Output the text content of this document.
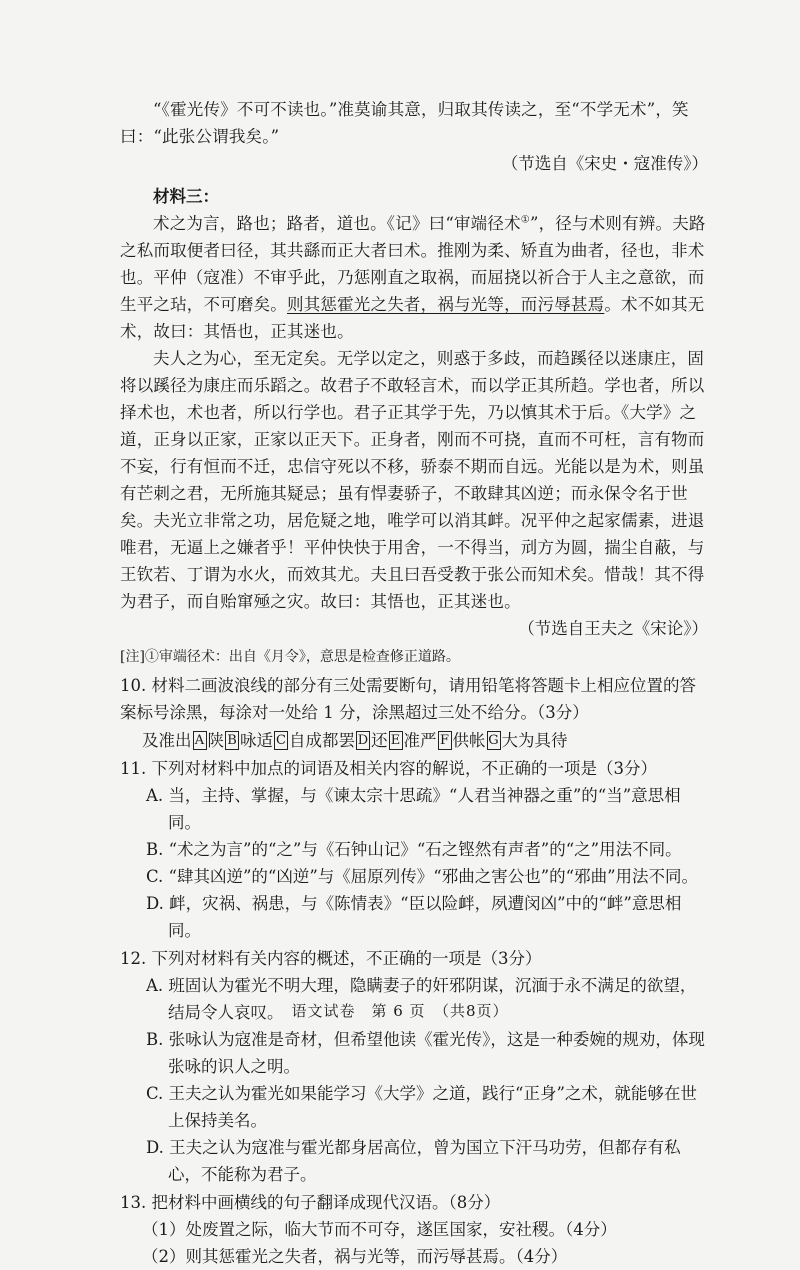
“《霍光传》不可不读也。”准莫谕其意，归取其传读之，至“不学无术”，笑曰：“此张公谓我矣。”

（节选自《宋史・寇准传》）

材料三：

术之为言，路也；路者，道也。《记》曰“审端径术①”，径与术则有辨。夫路之私而取便者曰径，其共繇而正大者曰术。推刚为柔、矫直为曲者，径也，非术也。平仲（寇准）不审乎此，乃惩刚直之取祸，而屈挠以祈合于人主之意欲，而生平之玷，不可磨矣。则其惩霍光之失者，祸与光等，而污辱甚焉。术不如其无术，故曰：其悟也，正其迷也。

夫人之为心，至无定矣。无学以定之，则惑于多歧，而趋蹊径以迷康庄，固将以蹊径为康庄而乐蹈之。故君子不敢轻言术，而以学正其所趋。学也者，所以择术也，术也者，所以行学也。君子正其学于先，乃以慎其术于后。《大学》之道，正身以正家，正家以正天下。正身者，刚而不可挠，直而不可枉，言有物而不妄，行有恒而不迁，忠信守死以不移，骄泰不期而自远。光能以是为术，则虽有芒刺之君，无所施其疑忌；虽有悍妻骄子，不敢肆其凶逆；而永保令名于世矣。夫光立非常之功，居危疑之地，唯学可以消其衅。况平仲之起家儒素，进退唯君，无逼上之嫌者乎！平仲快快于用舍，一不得当，刓方为圆，揣尘自蔽，与王钦若、丁谓为水火，而效其尤。夫且曰吾受教于张公而知术矣。惜哉！其不得为君子，而自贻窜殛之灾。故曰：其悟也，正其迷也。

（节选自王夫之《宋论》）

[注]①审端径术：出自《月令》，意思是检查修正道路。

10. 材料二画波浪线的部分有三处需要断句，请用铅笔将答题卡上相应位置的答案标号涂黑，每涂对一处给 1 分，涂黑超过三处不给分。（3分）

及准出 A 陕 B 咏适 C 自成都罢 D 还 E 准严 F 供帐 G 大为具待

11. 下列对材料中加点的词语及相关内容的解说，不正确的一项是（3分）

A. 当，主持、掌握，与《谏太宗十思疏》“人君当神器之重”的“当”意思相同。

B. “术之为言”的“之”与《石钟山记》“石之铿然有声者”的“之”用法不同。

C. “肆其凶逆”的“凶逆”与《屈原列传》“邪曲之害公也”的“邪曲”用法不同。

D. 衅，灾祸、祸患，与《陈情表》“臣以险衅，夙遭闵凶”中的“衅”意思相同。

12. 下列对材料有关内容的概述，不正确的一项是（3分）

A. 班固认为霍光不明大理，隐瞒妻子的奸邪阴谋，沉湎于永不满足的欲望，结局令人哀叹。

B. 张咏认为寇准是奇材，但希望他读《霍光传》，这是一种委婉的规劝，体现张咏的识人之明。

C. 王夫之认为霍光如果能学习《大学》之道，践行“正身”之术，就能够在世上保持美名。

D. 王夫之认为寇准与霍光都身居高位，曾为国立下汗马功劳，但都存有私心，不能称为君子。

13. 把材料中画横线的句子翻译成现代汉语。（8分）

（1）处废置之际，临大节而不可夺，遂匡国家，安社稷。（4分）

（2）则其惩霍光之失者，祸与光等，而污辱甚焉。（4分）

语文试卷　第 6 页　（共8页）
